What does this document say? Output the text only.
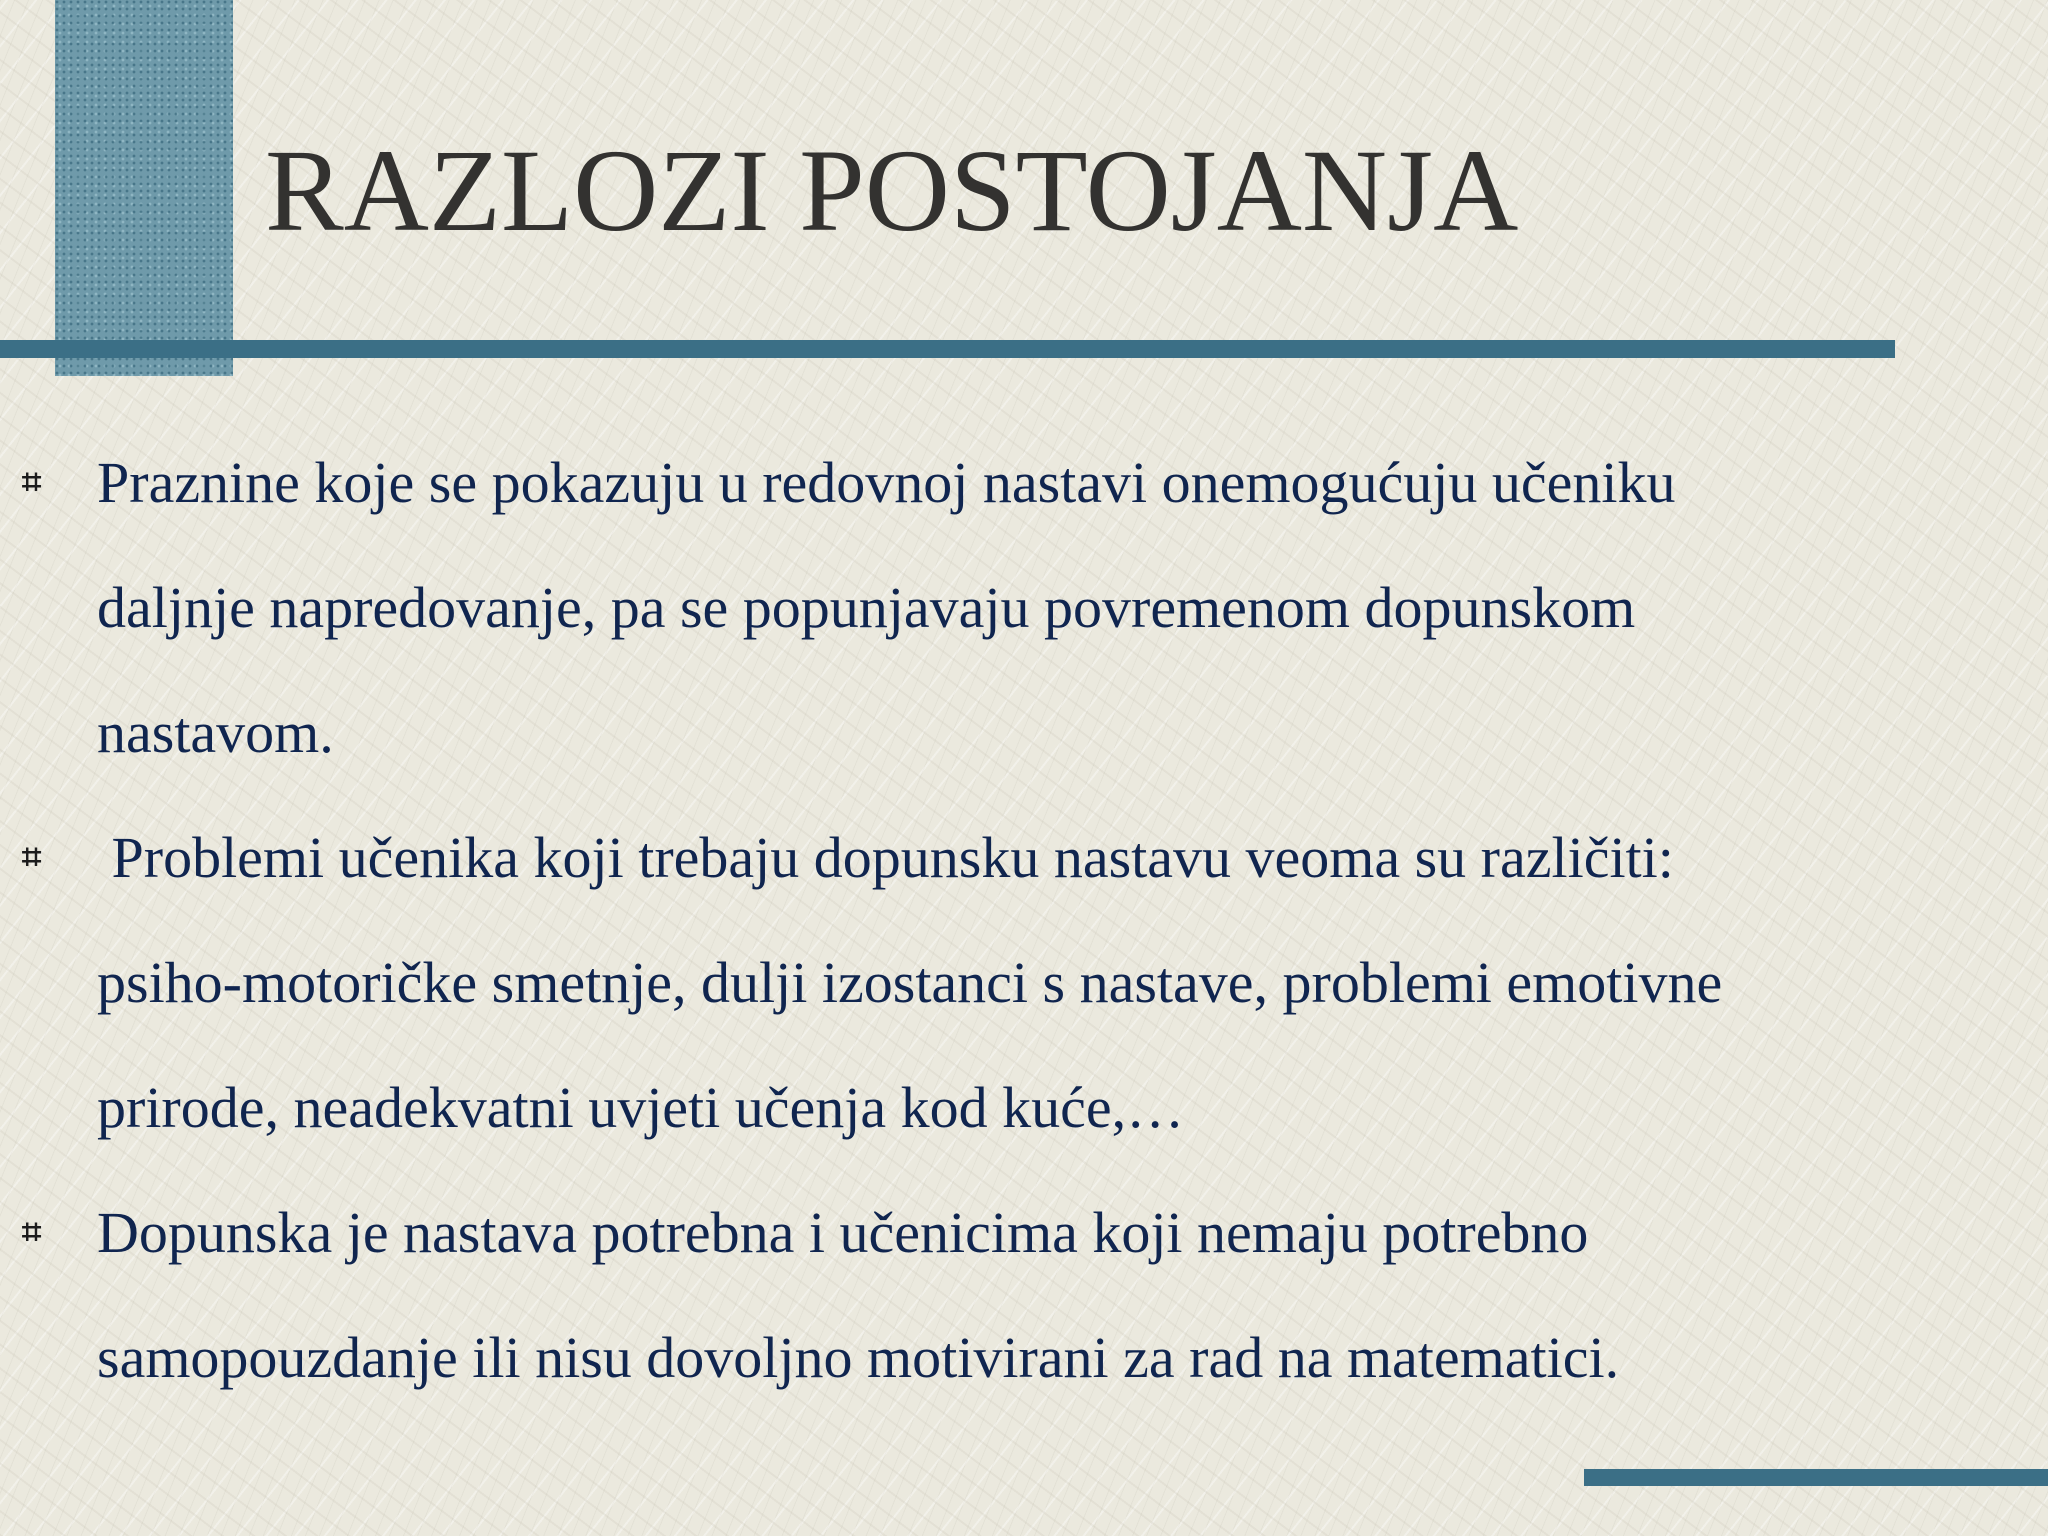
RAZLOZI POSTOJANJA
⌗ Praznine koje se pokazuju u redovnoj nastavi onemogućuju učeniku
daljnje napredovanje, pa se popunjavaju povremenom dopunskom
nastavom.
⌗ Problemi učenika koji trebaju dopunsku nastavu veoma su različiti:
psiho-motoričke smetnje, dulji izostanci s nastave, problemi emotivne
prirode, neadekvatni uvjeti učenja kod kuće,…
⌗ Dopunska je nastava potrebna i učenicima koji nemaju potrebno
samopouzdanje ili nisu dovoljno motivirani za rad na matematici.
